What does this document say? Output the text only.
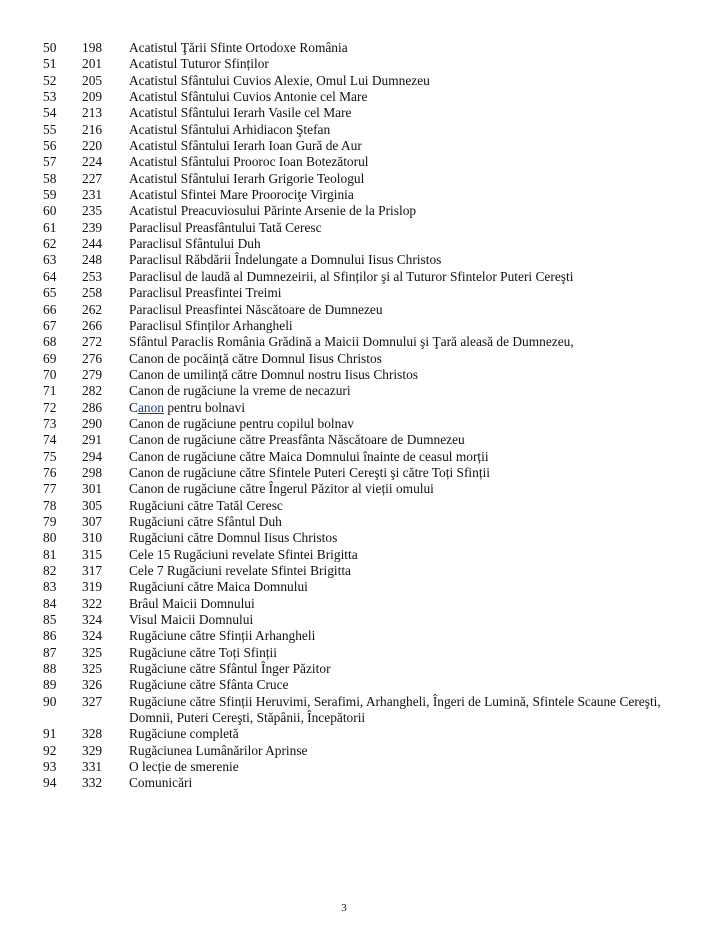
50 198 Acatistul Ţării Sfinte Ortodoxe România
51 201 Acatistul Tuturor Sfinților
52 205 Acatistul Sfântului Cuvios Alexie, Omul Lui Dumnezeu
53 209 Acatistul Sfântului Cuvios Antonie cel Mare
54 213 Acatistul Sfântului Ierarh Vasile cel Mare
55 216 Acatistul Sfântului Arhidiacon Ştefan
56 220 Acatistul Sfântului Ierarh Ioan Gură de Aur
57 224 Acatistul Sfântului Prooroc Ioan Botezătorul
58 227 Acatistul Sfântului Ierarh Grigorie Teologul
59 231 Acatistul Sfintei Mare Proorociţe Virginia
60 235 Acatistul Preacuviosului Părinte Arsenie de la Prislop
61 239 Paraclisul Preasfântului Tată Ceresc
62 244 Paraclisul Sfântului Duh
63 248 Paraclisul Răbdării Îndelungate a Domnului Iisus Christos
64 253 Paraclisul de laudă al Dumnezeirii, al Sfinților şi al Tuturor Sfintelor Puteri Cereşti
65 258 Paraclisul Preasfintei Treimi
66 262 Paraclisul Preasfintei Născătoare de Dumnezeu
67 266 Paraclisul Sfinților Arhangheli
68 272 Sfântul Paraclis România Grădină a Maicii Domnului şi Ţară aleasă de Dumnezeu,
69 276 Canon de pocăință către Domnul Iisus Christos
70 279 Canon de umilință către Domnul nostru Iisus Christos
71 282 Canon de rugăciune la vreme de necazuri
72 286 Canon pentru bolnavi
73 290 Canon de rugăciune pentru copilul bolnav
74 291 Canon de rugăciune către Preasfânta Născătoare de Dumnezeu
75 294 Canon de rugăciune către Maica Domnului înainte de ceasul morții
76 298 Canon de rugăciune către Sfintele Puteri Cereşti şi către Toți Sfinții
77 301 Canon de rugăciune către Îngerul Păzitor al vieții omului
78 305 Rugăciuni către Tatăl Ceresc
79 307 Rugăciuni către Sfântul Duh
80 310 Rugăciuni către Domnul Iisus Christos
81 315 Cele 15 Rugăciuni revelate Sfintei Brigitta
82 317 Cele 7 Rugăciuni revelate Sfintei Brigitta
83 319 Rugăciuni către Maica Domnului
84 322 Brâul Maicii Domnului
85 324 Visul Maicii Domnului
86 324 Rugăciune către Sfinții Arhangheli
87 325 Rugăciune către Toți Sfinții
88 325 Rugăciune către Sfântul Înger Păzitor
89 326 Rugăciune către Sfânta Cruce
90 327 Rugăciune către Sfinții Heruvimi, Serafimi, Arhangheli, Îngeri de Lumină, Sfintele Scaune Cereşti, Domnii, Puteri Cereşti, Stăpânii, Începătorii
91 328 Rugăciune completă
92 329 Rugăciunea Lumânărilor Aprinse
93 331 O lecție de smerenie
94 332 Comunicări
3
